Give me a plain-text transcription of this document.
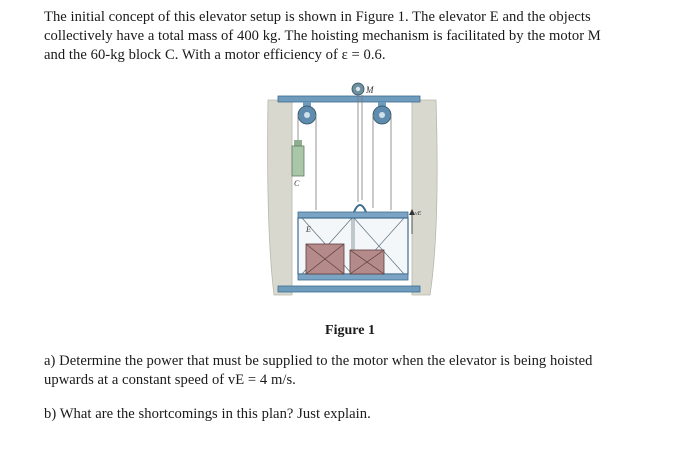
The initial concept of this elevator setup is shown in Figure 1. The elevator E and the objects
collectively have a total mass of 400 kg. The hoisting mechanism is facilitated by the motor M
and the 60-kg block C. With a motor efficiency of ε = 0.6.
M
C
E
vE
Figure 1
a) Determine the power that must be supplied to the motor when the elevator is being hoisted
upwards at a constant speed of vE = 4 m/s.
b) What are the shortcomings in this plan? Just explain.
